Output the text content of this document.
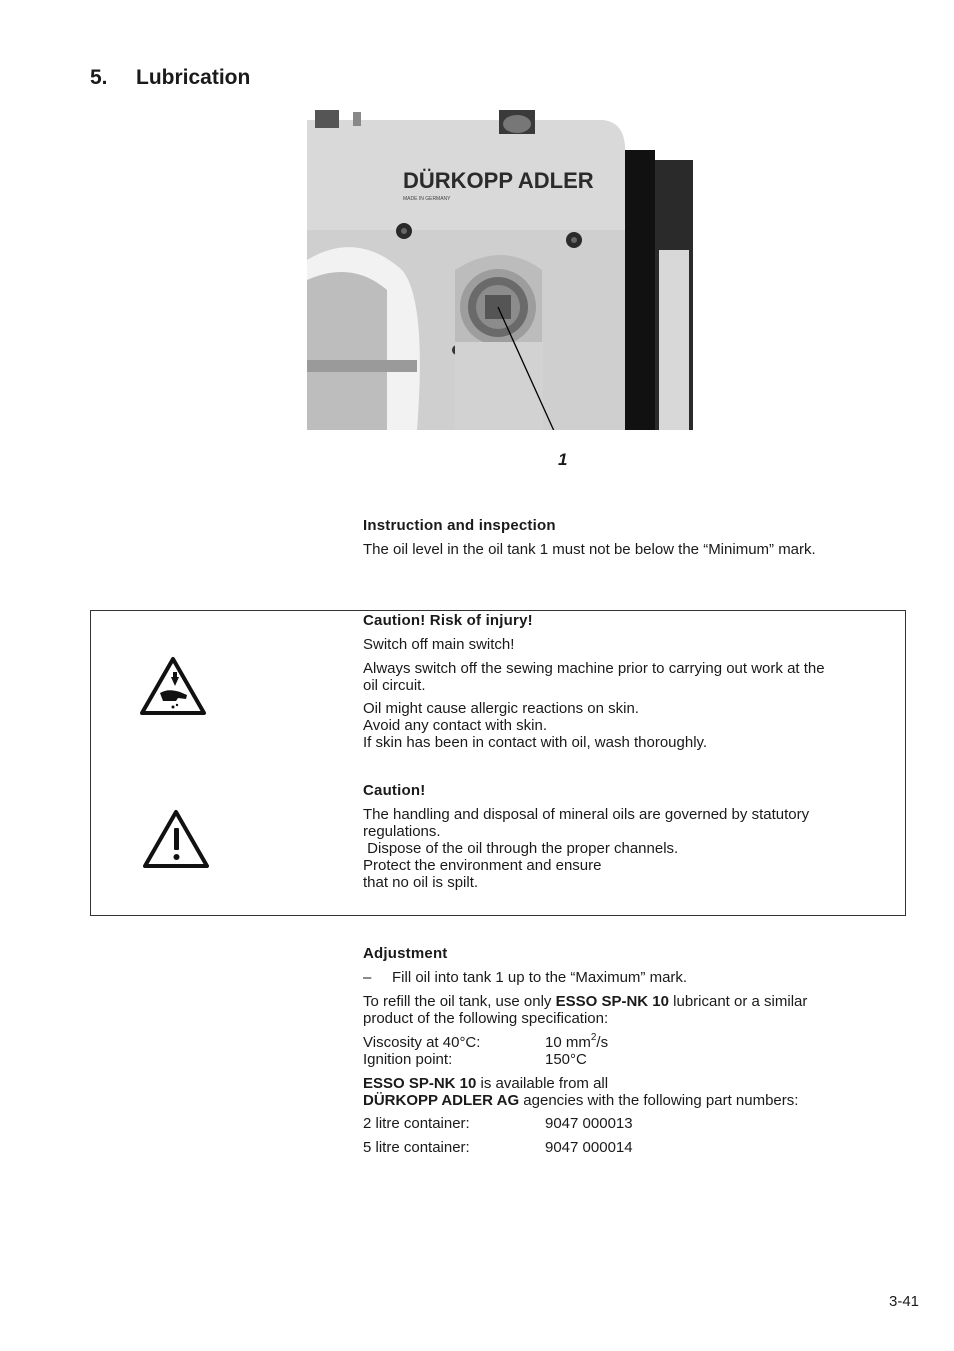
5. Lubrication
DÜRKOPP ADLER
MADE IN GERMANY
1
Instruction and inspection
The oil level in the oil tank 1 must not be below the “Minimum” mark.
Caution! Risk of injury!
Switch off main switch!
Always switch off the sewing machine prior to carrying out work at the
oil circuit.
Oil might cause allergic reactions on skin.
Avoid any contact with skin.
If skin has been in contact with oil, wash thoroughly.
Caution!
The handling and disposal of mineral oils are governed by statutory
regulations.
Dispose of the oil through the proper channels.
Protect the environment and ensure
that no oil is spilt.
Adjustment
– Fill oil into tank 1 up to the “Maximum” mark.
To refill the oil tank, use only ESSO SP-NK 10 lubricant or a similar
product of the following specification:
Viscosity at 40°C:	10 $mm^2/s$
Ignition point:	150°C
ESSO SP-NK 10 is available from all
DÜRKOPP ADLER AG agencies with the following part numbers:
2 litre container:	9047 000013
5 litre container:	9047 000014
3-41
